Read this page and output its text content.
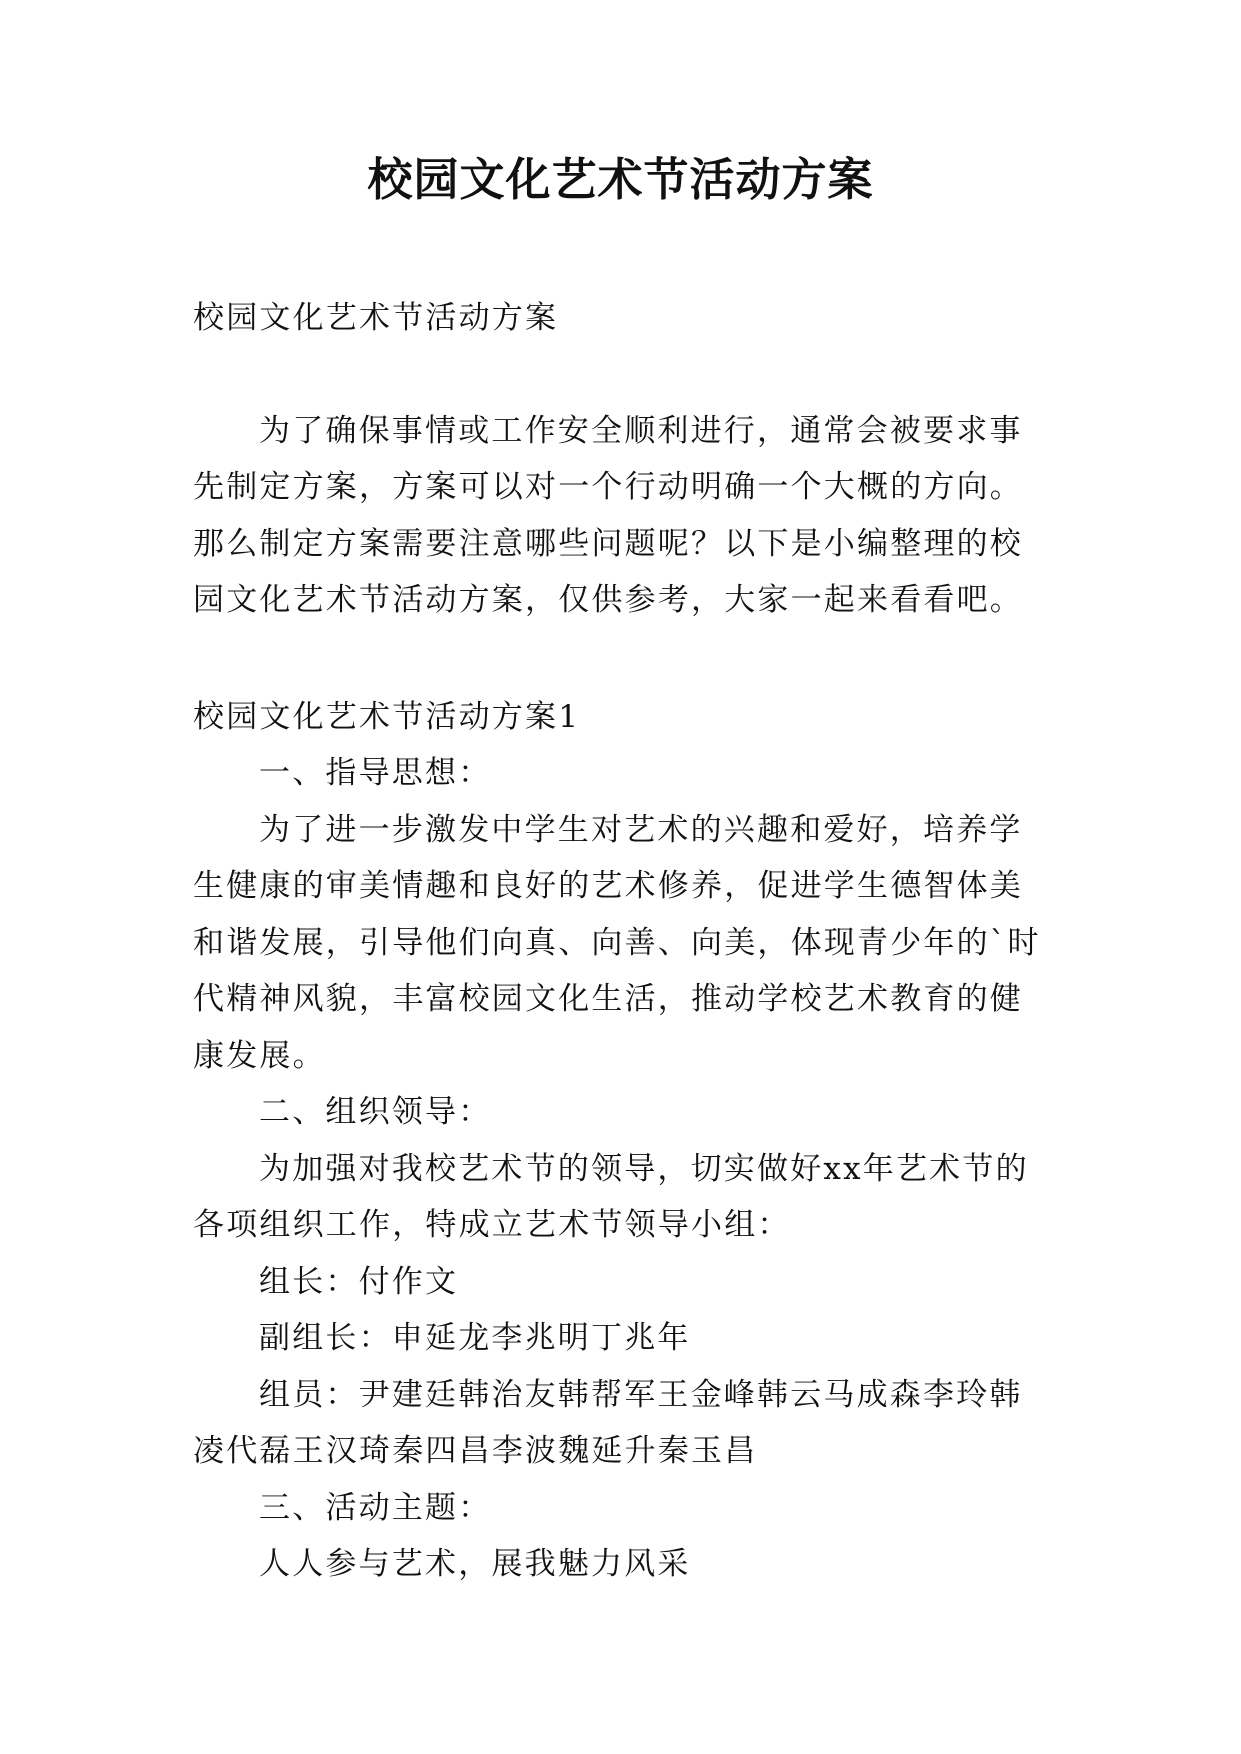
校园文化艺术节活动方案

校园文化艺术节活动方案

为了确保事情或工作安全顺利进行，通常会被要求事先制定方案，方案可以对一个行动明确一个大概的方向。那么制定方案需要注意哪些问题呢？以下是小编整理的校园文化艺术节活动方案，仅供参考，大家一起来看看吧。

校园文化艺术节活动方案1

一、指导思想：

为了进一步激发中学生对艺术的兴趣和爱好，培养学生健康的审美情趣和良好的艺术修养，促进学生德智体美和谐发展，引导他们向真、向善、向美，体现青少年的`时代精神风貌，丰富校园文化生活，推动学校艺术教育的健康发展。

二、组织领导：

为加强对我校艺术节的领导，切实做好xx年艺术节的各项组织工作，特成立艺术节领导小组：

组长：付作文

副组长：申延龙李兆明丁兆年

组员：尹建廷韩治友韩帮军王金峰韩云马成森李玲韩凌代磊王汉琦秦四昌李波魏延升秦玉昌

三、活动主题：

人人参与艺术，展我魅力风采
